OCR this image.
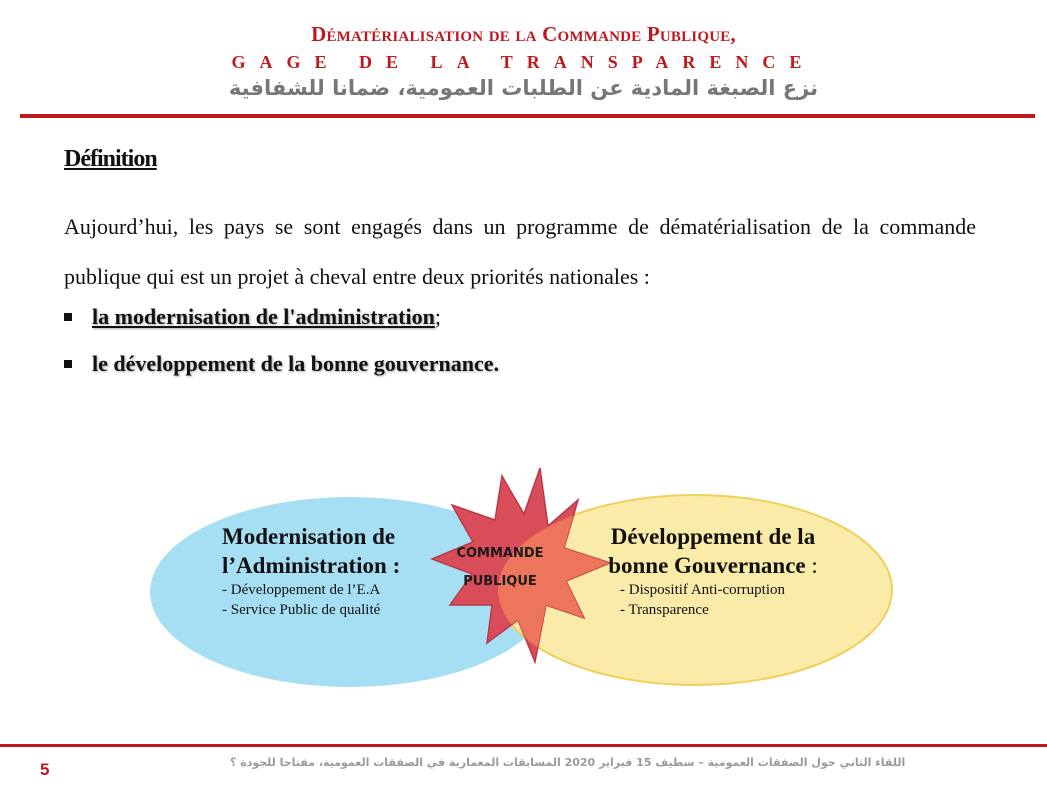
Dématérialisation de la Commande Publique,
GAGE DE LA TRANSPARENCE
نزع الصبغة المادية عن الطلبات العمومية، ضمانا للشفافية
Définition
Aujourd’hui, les pays se sont engagés dans un programme de dématérialisation de la commande publique qui est un projet à cheval entre deux priorités nationales :
la modernisation de l'administration;
le développement de la bonne gouvernance.
Modernisation de
l’Administration :
- Développement de l’E.A
- Service Public de qualité
COMMANDE
PUBLIQUE
Développement de la
bonne Gouvernance :
- Dispositif Anti-corruption
- Transparence
5	اللقاء الثاني حول الصفقات العمومية – سطيف 15 فبراير 2020 المسابقات المعمارية في الصفقات العمومية، مفتاحا للجودة ؟
